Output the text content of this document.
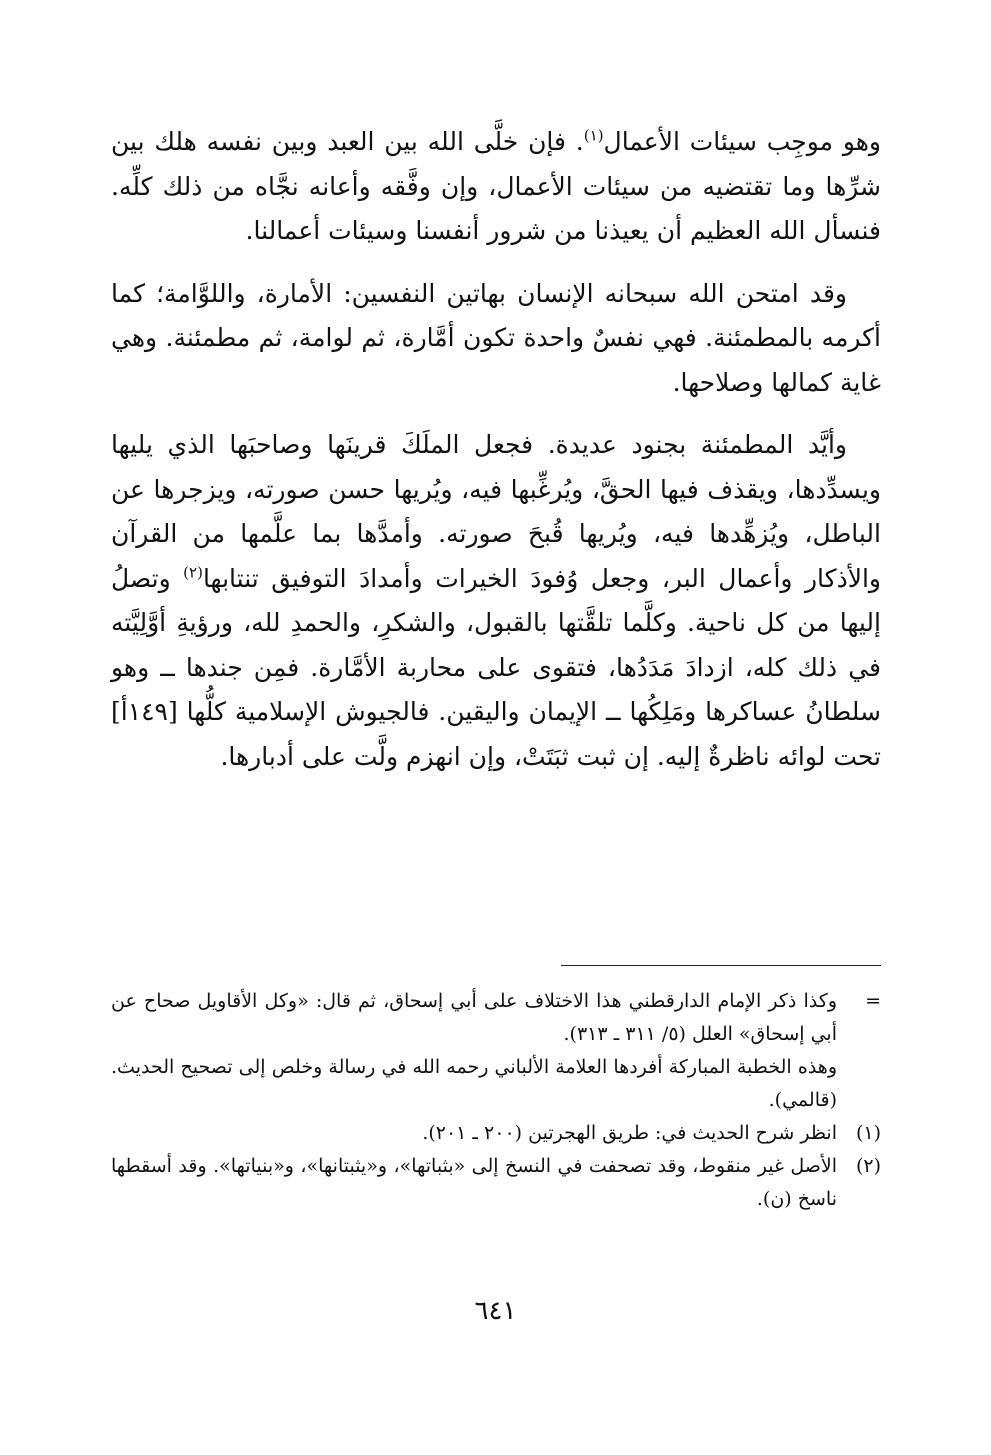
وهو موجِب سيئات الأعمال$^{(١)}$. فإن خلَّى الله بين العبد وبين نفسه هلك بين شرِّها وما تقتضيه من سيئات الأعمال، وإن وفَّقه وأعانه نجَّاه من ذلك كلِّه. فنسأل الله العظيم أن يعيذنا من شرور أنفسنا وسيئات أعمالنا.

وقد امتحن الله سبحانه الإنسان بهاتين النفسين: الأمارة، واللوَّامة؛ كما أكرمه بالمطمئنة. فهي نفسٌ واحدة تكون أمَّارة، ثم لوامة، ثم مطمئنة. وهي غاية كمالها وصلاحها.

وأيَّد المطمئنة بجنود عديدة. فجعل الملَكَ قرينَها وصاحبَها الذي يليها ويسدِّدها، ويقذف فيها الحقَّ، ويُرغِّبها فيه، ويُريها حسن صورته، ويزجرها عن الباطل، ويُزهِّدها فيه، ويُريها قُبحَ صورته. وأمدَّها بما علَّمها من القرآن والأذكار وأعمال البر، وجعل وُفودَ الخيرات وأمدادَ التوفيق تنتابها$^{(٢)}$ وتصلُ إليها من كل ناحية. وكلَّما تلقَّتها بالقبول، والشكرِ، والحمدِ لله، ورؤيةِ أوَّلِيَّته في ذلك كله، ازدادَ مَدَدُها، فتقوى على محاربة الأمَّارة. فمِن جندها ــ وهو سلطانُ عساكرها ومَلِكُها ــ الإيمان واليقين. فالجيوش الإسلامية كلُّها [١٤٩أ] تحت لوائه ناظرةٌ إليه. إن ثبت ثبَتَتْ، وإن انهزم ولَّت على أدبارها.

=
وكذا ذكر الإمام الدارقطني هذا الاختلاف على أبي إسحاق، ثم قال: «وكل الأقاويل صحاح عن أبي إسحاق» العلل (٥/ ٣١١ ـ ٣١٣).
وهذه الخطبة المباركة أفردها العلامة الألباني رحمه الله في رسالة وخلص إلى تصحيح الحديث. (قالمي).
(١)
انظر شرح الحديث في: طريق الهجرتين (٢٠٠ ـ ٢٠١).
(٢)
الأصل غير منقوط، وقد تصحفت في النسخ إلى «بثباتها»، و«يثبتانها»، و«بنياتها». وقد أسقطها ناسخ (ن).
٦٤١
